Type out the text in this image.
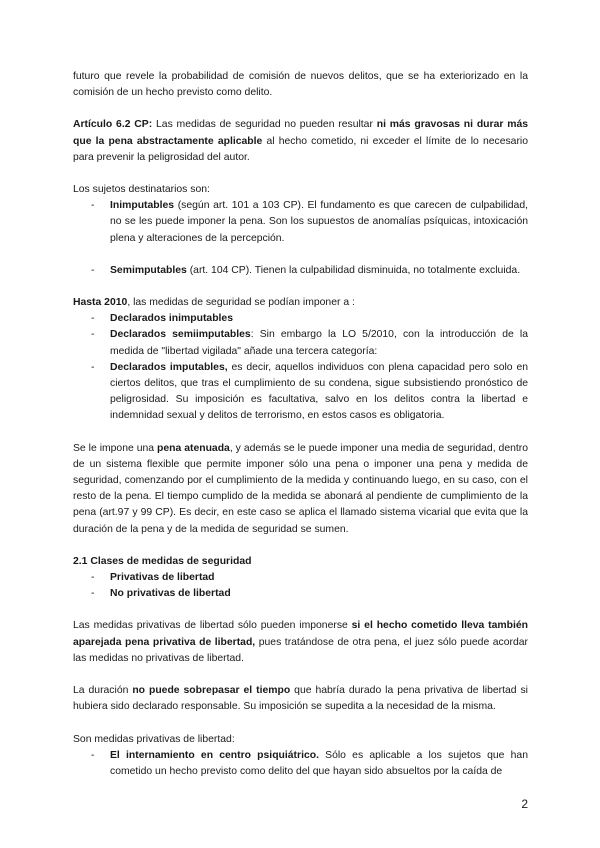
futuro que revele la probabilidad de comisión de nuevos delitos, que se ha exteriorizado en la comisión de un hecho previsto como delito.

Artículo 6.2 CP: Las medidas de seguridad no pueden resultar ni más gravosas ni durar más que la pena abstractamente aplicable al hecho cometido, ni exceder el límite de lo necesario para prevenir la peligrosidad del autor.

Los sujetos destinatarios son:

- Inimputables (según art. 101 a 103 CP). El fundamento es que carecen de culpabilidad, no se les puede imponer la pena. Son los supuestos de anomalías psíquicas, intoxicación plena y alteraciones de la percepción.
- Semimputables (art. 104 CP). Tienen la culpabilidad disminuida, no totalmente excluida.

Hasta 2010, las medidas de seguridad se podían imponer a :

- Declarados inimputables
- Declarados semiimputables: Sin embargo la LO 5/2010, con la introducción de la medida de "libertad vigilada" añade una tercera categoría:
- Declarados imputables, es decir, aquellos individuos con plena capacidad pero solo en ciertos delitos, que tras el cumplimiento de su condena, sigue subsistiendo pronóstico de peligrosidad. Su imposición es facultativa, salvo en los delitos contra la libertad e indemnidad sexual y delitos de terrorismo, en estos casos es obligatoria.

Se le impone una pena atenuada, y además se le puede imponer una media de seguridad, dentro de un sistema flexible que permite imponer sólo una pena o imponer una pena y medida de seguridad, comenzando por el cumplimiento de la medida y continuando luego, en su caso, con el resto de la pena. El tiempo cumplido de la medida se abonará al pendiente de cumplimiento de la pena (art.97 y 99 CP). Es decir, en este caso se aplica el llamado sistema vicarial que evita que la duración de la pena y de la medida de seguridad se sumen.

2.1 Clases de medidas de seguridad

- Privativas de libertad
- No privativas de libertad

Las medidas privativas de libertad sólo pueden imponerse si el hecho cometido lleva también aparejada pena privativa de libertad, pues tratándose de otra pena, el juez sólo puede acordar las medidas no privativas de libertad.

La duración no puede sobrepasar el tiempo que habría durado la pena privativa de libertad si hubiera sido declarado responsable. Su imposición se supedita a la necesidad de la misma.

Son medidas privativas de libertad:

- El internamiento en centro psiquiátrico. Sólo es aplicable a los sujetos que han cometido un hecho previsto como delito del que hayan sido absueltos por la caída de
2
